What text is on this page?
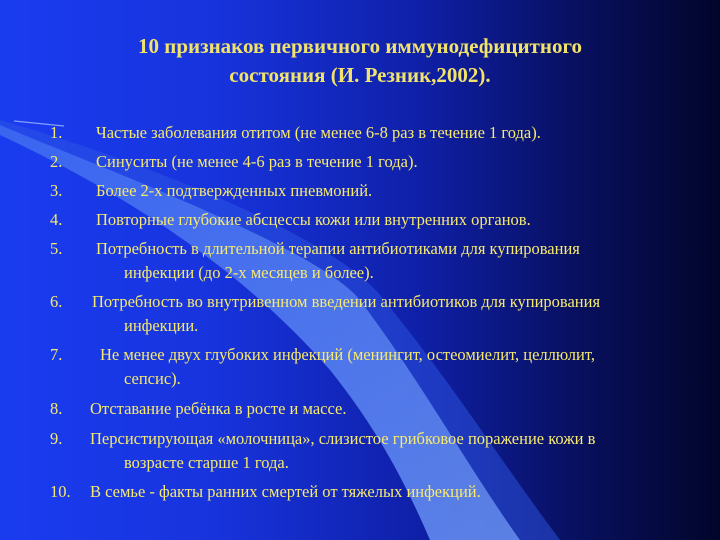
10 признаков первичного иммунодефицитного
состояния (И. Резник,2002).
1. Частые заболевания отитом (не менее 6-8 раз в течение 1 года).
2. Синуситы (не менее 4-6 раз в течение 1 года).
3. Более 2-х подтвержденных пневмоний.
4. Повторные глубокие абсцессы кожи или внутренних органов.
5. Потребность в длительной терапии антибиотиками для купирования
инфекции (до 2-х месяцев и более).
6. Потребность во внутривенном введении антибиотиков для купирования
инфекции.
7. Не менее двух глубоких инфекций (менингит, остеомиелит, целлюлит,
сепсис).
8. Отставание ребёнка в росте и массе.
9. Персистирующая «молочница», слизистое грибковое поражение кожи в
возрасте старше 1 года.
10. В семье - факты ранних смертей от тяжелых инфекций.
